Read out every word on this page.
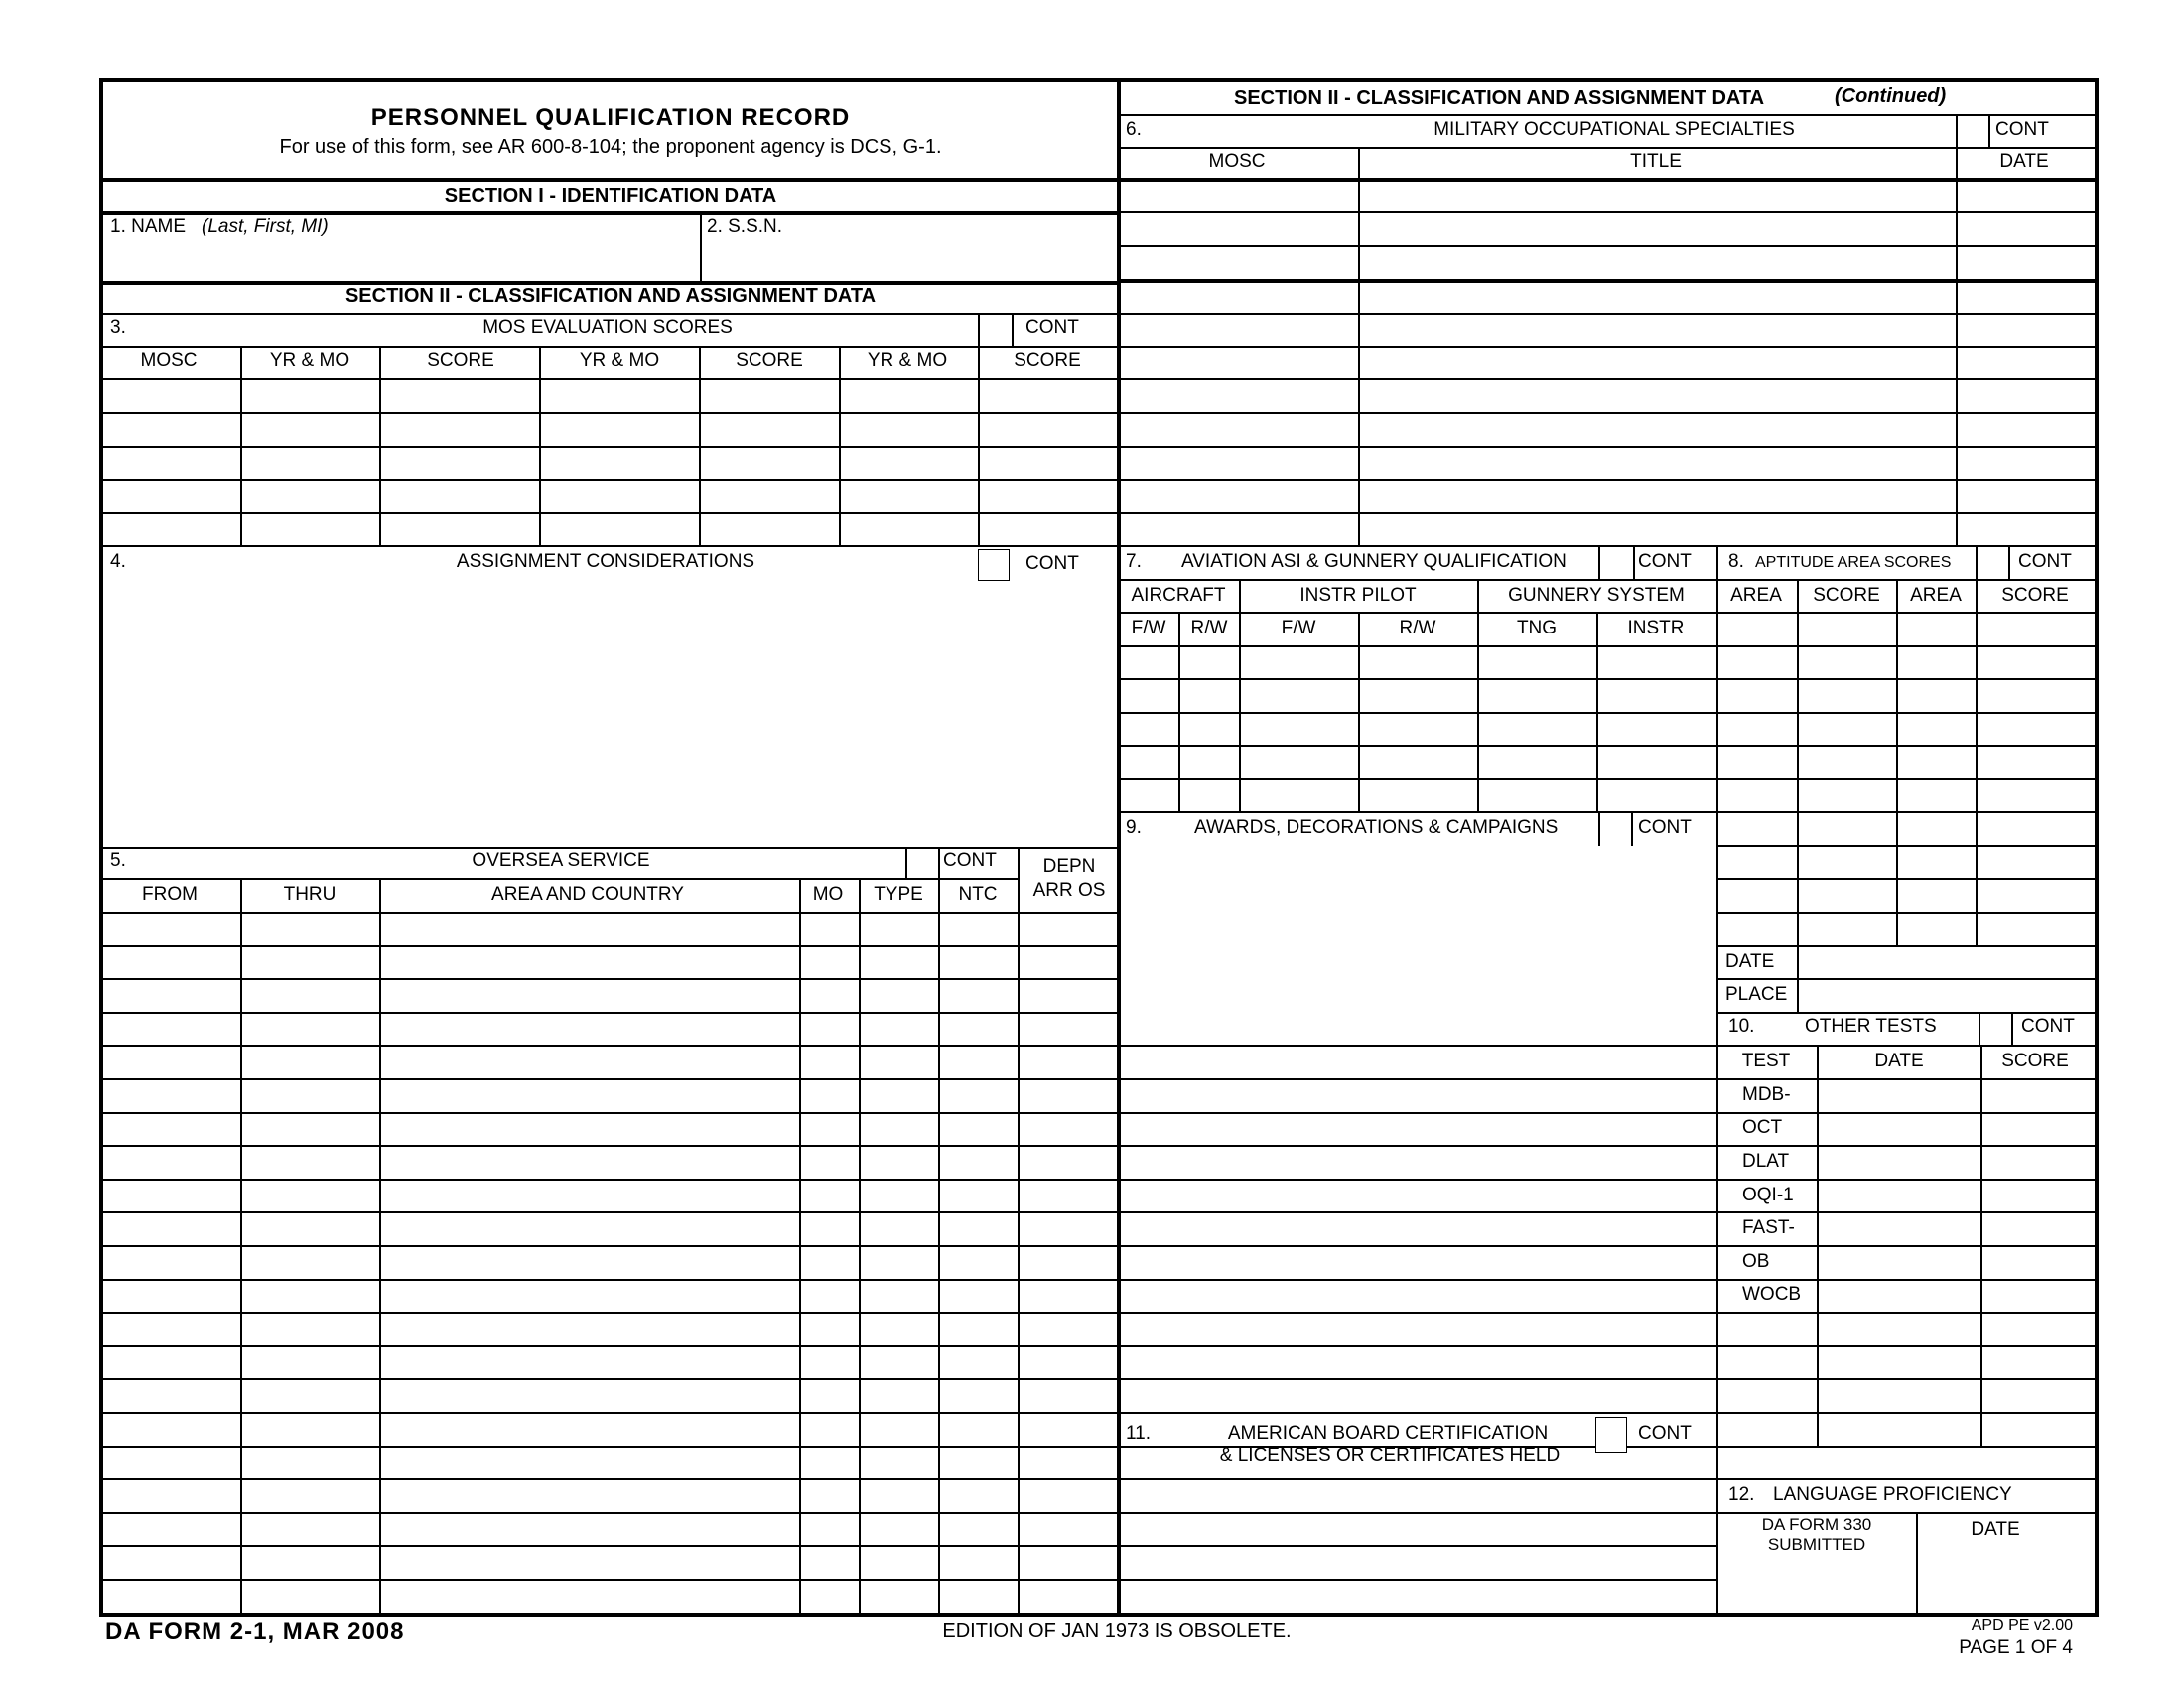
PERSONNEL QUALIFICATION RECORD
For use of this form, see AR 600-8-104; the proponent agency is DCS, G-1.
SECTION I - IDENTIFICATION DATA
1. NAME (Last, First, MI)	2. S.S.N.
SECTION II - CLASSIFICATION AND ASSIGNMENT DATA
3.	MOS EVALUATION SCORES	CONT
MOSC	YR & MO	SCORE	YR & MO	SCORE	YR & MO	SCORE
4.	ASSIGNMENT CONSIDERATIONS	CONT
5.	OVERSEA SERVICE	CONT
FROM	THRU	AREA AND COUNTRY	MO TYPE NTC
DEPN
ARR OS
SECTION II - CLASSIFICATION AND ASSIGNMENT DATA	(Continued)
6.	MILITARY OCCUPATIONAL SPECIALTIES	CONT
MOSC	TITLE	DATE
7. AVIATION ASI & GUNNERY QUALIFICATION	CONT
AIRCRAFT	INSTR PILOT	GUNNERY SYSTEM
F/W R/W	F/W	R/W	TNG	INSTR
8. APTITUDE AREA SCORES	CONT
AREA SCORE AREA SCORE
DATE
PLACE
9.	AWARDS, DECORATIONS & CAMPAIGNS	CONT
10.	OTHER TESTS	CONT
TEST	DATE	SCORE
MDB-
OCT
DLAT
OQI-1
FAST-
OB
WOCB
11.	AMERICAN BOARD CERTIFICATION
& LICENSES OR CERTIFICATES HELD
CONT
12. LANGUAGE PROFICIENCY
DA FORM 330
SUBMITTED
DATE
DA FORM 2-1, MAR 2008	EDITION OF JAN 1973 IS OBSOLETE.	APD PE v2.00
PAGE 1 OF 4
